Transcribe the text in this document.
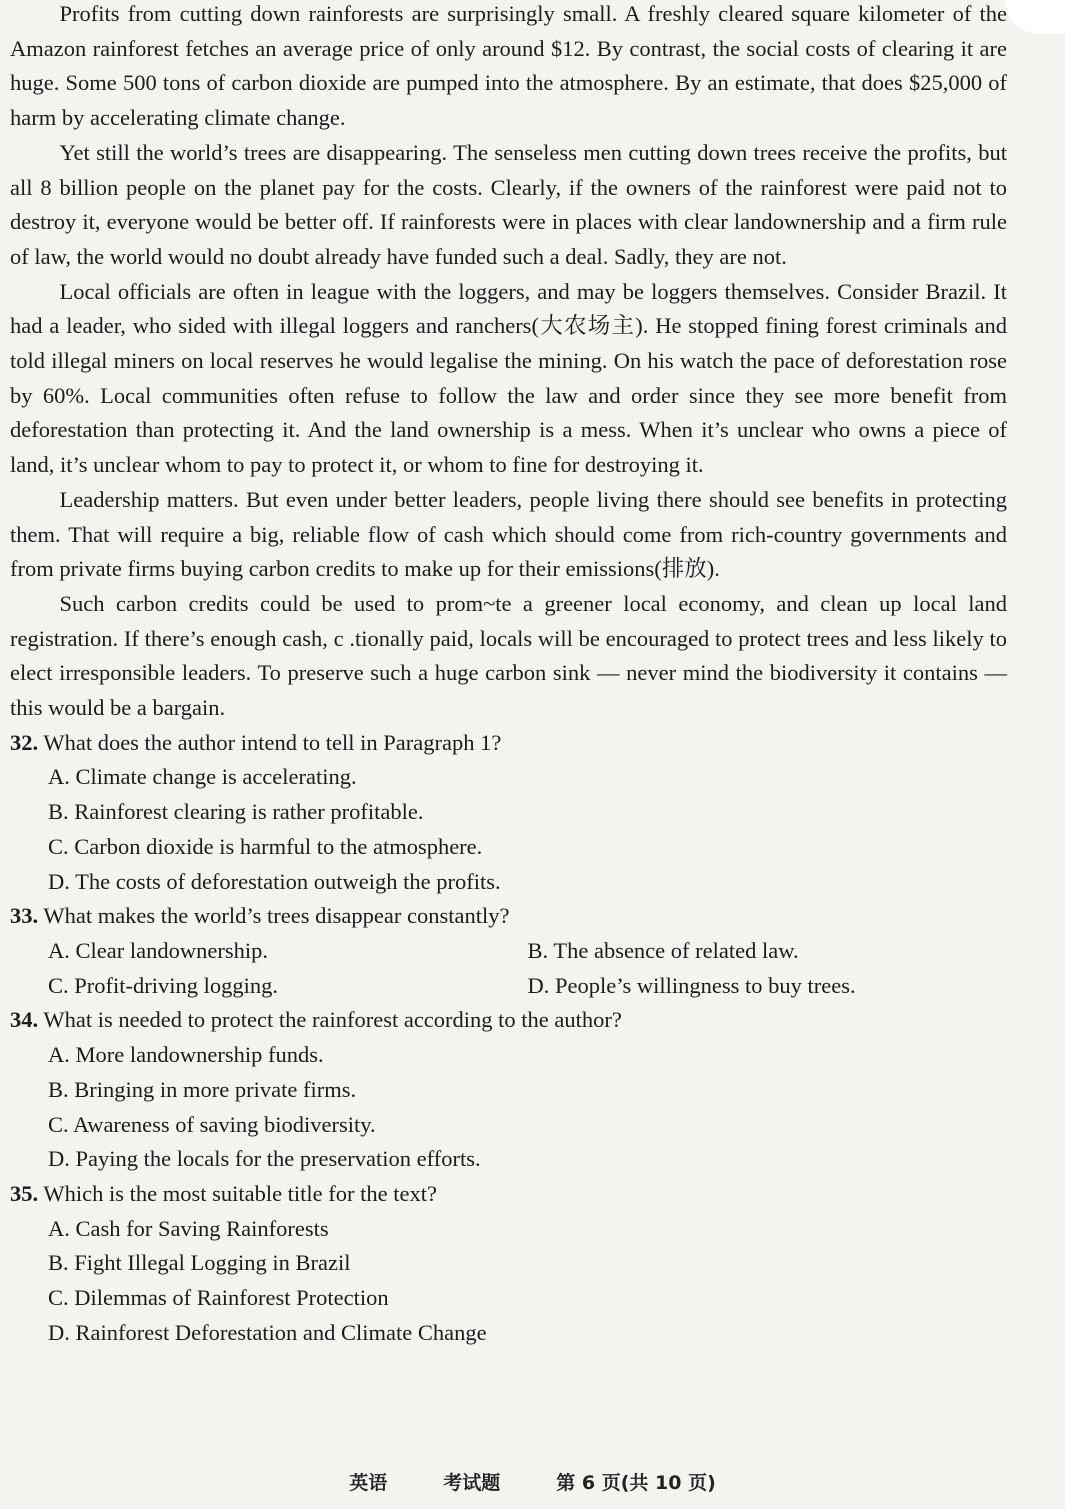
Profits from cutting down rainforests are surprisingly small. A freshly cleared square kilometer of the Amazon rainforest fetches an average price of only around $12. By contrast, the social costs of clearing it are huge. Some 500 tons of carbon dioxide are pumped into the atmosphere. By an estimate, that does $25,000 of harm by accelerating climate change.

Yet still the world’s trees are disappearing. The senseless men cutting down trees receive the profits, but all 8 billion people on the planet pay for the costs. Clearly, if the owners of the rainforest were paid not to destroy it, everyone would be better off. If rainforests were in places with clear landownership and a firm rule of law, the world would no doubt already have funded such a deal. Sadly, they are not.

Local officials are often in league with the loggers, and may be loggers themselves. Consider Brazil. It had a leader, who sided with illegal loggers and ranchers(大农场主). He stopped fining forest criminals and told illegal miners on local reserves he would legalise the mining. On his watch the pace of deforestation rose by 60%. Local communities often refuse to follow the law and order since they see more benefit from deforestation than protecting it. And the land ownership is a mess. When it’s unclear who owns a piece of land, it’s unclear whom to pay to protect it, or whom to fine for destroying it.

Leadership matters. But even under better leaders, people living there should see benefits in protecting them. That will require a big, reliable flow of cash which should come from rich-country governments and from private firms buying carbon credits to make up for their emissions(排放).

Such carbon credits could be used to prom~te a greener local economy, and clean up local land registration. If there’s enough cash, c .tionally paid, locals will be encouraged to protect trees and less likely to elect irresponsible leaders. To preserve such a huge carbon sink — never mind the biodiversity it contains — this would be a bargain.

32. What does the author intend to tell in Paragraph 1?
A. Climate change is accelerating.
B. Rainforest clearing is rather profitable.
C. Carbon dioxide is harmful to the atmosphere.
D. The costs of deforestation outweigh the profits.
33. What makes the world’s trees disappear constantly?
A. Clear landownership.	B. The absence of related law.
C. Profit-driving logging.	D. People’s willingness to buy trees.
34. What is needed to protect the rainforest according to the author?
A. More landownership funds.
B. Bringing in more private firms.
C. Awareness of saving biodiversity.
D. Paying the locals for the preservation efforts.
35. Which is the most suitable title for the text?
A. Cash for Saving Rainforests
B. Fight Illegal Logging in Brazil
C. Dilemmas of Rainforest Protection
D. Rainforest Deforestation and Climate Change
英语	考试题	第 6 页(共 10 页)
